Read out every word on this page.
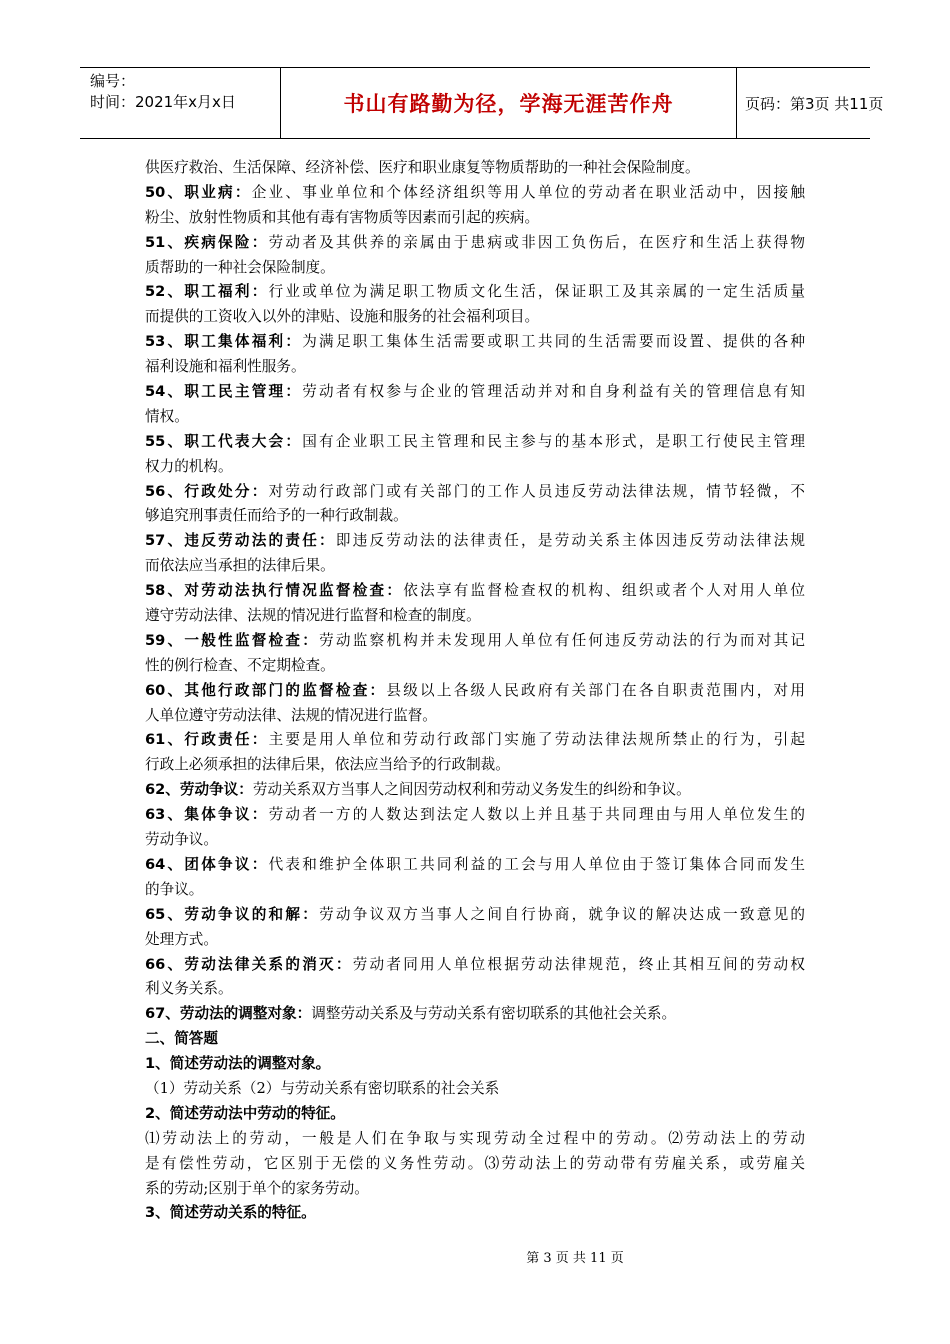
编号：
时间：2021年x月x日	书山有路勤为径，学海无涯苦作舟	页码：第3页 共11页
供医疗救治、生活保障、经济补偿、医疗和职业康复等物质帮助的一种社会保险制度。
50、职业病：企业、事业单位和个体经济组织等用人单位的劳动者在职业活动中，因接触
粉尘、放射性物质和其他有毒有害物质等因素而引起的疾病。
51、疾病保险：劳动者及其供养的亲属由于患病或非因工负伤后，在医疗和生活上获得物
质帮助的一种社会保险制度。
52、职工福利：行业或单位为满足职工物质文化生活，保证职工及其亲属的一定生活质量
而提供的工资收入以外的津贴、设施和服务的社会福利项目。
53、职工集体福利：为满足职工集体生活需要或职工共同的生活需要而设置、提供的各种
福利设施和福利性服务。
54、职工民主管理：劳动者有权参与企业的管理活动并对和自身利益有关的管理信息有知
情权。
55、职工代表大会：国有企业职工民主管理和民主参与的基本形式，是职工行使民主管理
权力的机构。
56、行政处分：对劳动行政部门或有关部门的工作人员违反劳动法律法规，情节轻微，不
够追究刑事责任而给予的一种行政制裁。
57、违反劳动法的责任：即违反劳动法的法律责任，是劳动关系主体因违反劳动法律法规
而依法应当承担的法律后果。
58、对劳动法执行情况监督检查：依法享有监督检查权的机构、组织或者个人对用人单位
遵守劳动法律、法规的情况进行监督和检查的制度。
59、一般性监督检查：劳动监察机构并未发现用人单位有任何违反劳动法的行为而对其记
性的例行检查、不定期检查。
60、其他行政部门的监督检查：县级以上各级人民政府有关部门在各自职责范围内，对用
人单位遵守劳动法律、法规的情况进行监督。
61、行政责任：主要是用人单位和劳动行政部门实施了劳动法律法规所禁止的行为，引起
行政上必须承担的法律后果，依法应当给予的行政制裁。
62、劳动争议：劳动关系双方当事人之间因劳动权利和劳动义务发生的纠纷和争议。
63、集体争议：劳动者一方的人数达到法定人数以上并且基于共同理由与用人单位发生的
劳动争议。
64、团体争议：代表和维护全体职工共同利益的工会与用人单位由于签订集体合同而发生
的争议。
65、劳动争议的和解：劳动争议双方当事人之间自行协商，就争议的解决达成一致意见的
处理方式。
66、劳动法律关系的消灭：劳动者同用人单位根据劳动法律规范，终止其相互间的劳动权
利义务关系。
67、劳动法的调整对象：调整劳动关系及与劳动关系有密切联系的其他社会关系。
二、简答题
1、简述劳动法的调整对象。
（1）劳动关系（2）与劳动关系有密切联系的社会关系
2、简述劳动法中劳动的特征。
⑴劳动法上的劳动，一般是人们在争取与实现劳动全过程中的劳动。⑵劳动法上的劳动
是有偿性劳动，它区别于无偿的义务性劳动。⑶劳动法上的劳动带有劳雇关系，或劳雇关
系的劳动;区别于单个的家务劳动。
3、简述劳动关系的特征。
第 3 页 共 11 页
